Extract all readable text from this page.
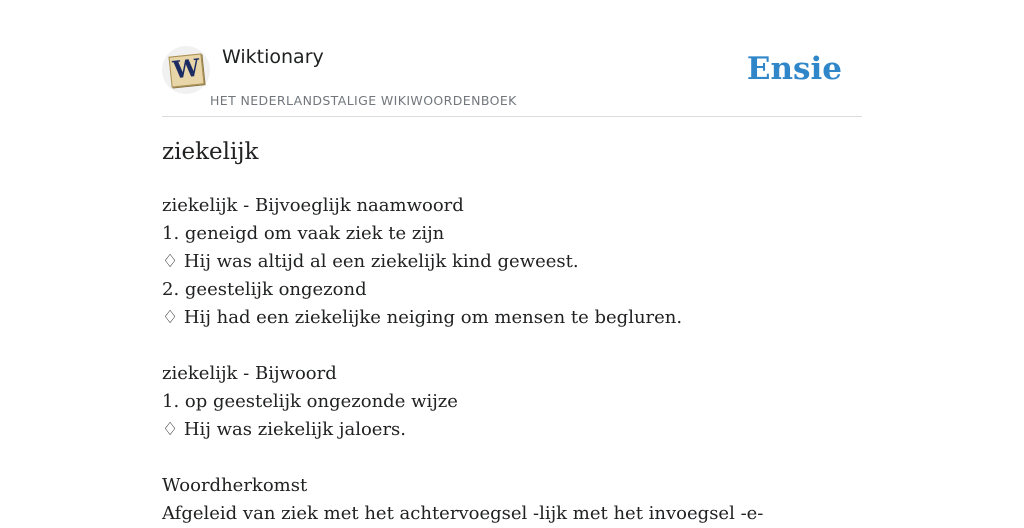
W Wiktionary
HET NEDERLANDSTALIGE WIKIWOORDENBOEK
Ensie
ziekelijk
ziekelijk - Bijvoeglijk naamwoord
1. geneigd om vaak ziek te zijn
♢ Hij was altijd al een ziekelijk kind geweest.
2. geestelijk ongezond
♢ Hij had een ziekelijke neiging om mensen te begluren.
ziekelijk - Bijwoord
1. op geestelijk ongezonde wijze
♢ Hij was ziekelijk jaloers.
Woordherkomst
Afgeleid van ziek met het achtervoegsel -lijk met het invoegsel -e-
